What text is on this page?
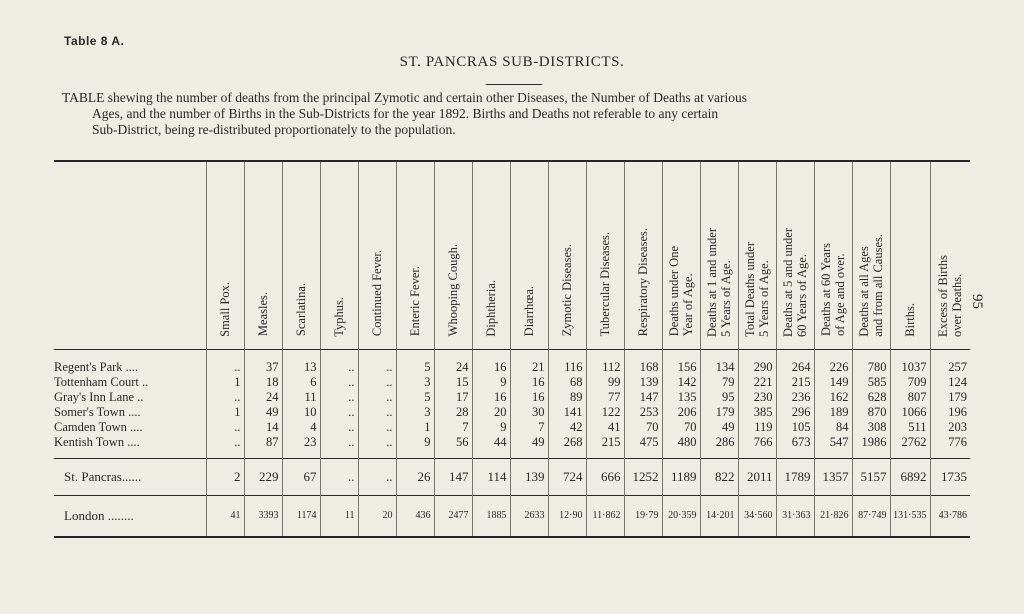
Table 8 A.
ST. PANCRAS SUB-DISTRICTS.

TABLE shewing the number of deaths from the principal Zymotic and certain other Diseases, the Number of Deaths at various

Ages, and the number of Births in the Sub-Districts for the year 1892. Births and Deaths not referable to any certain

Sub-District, being re-distributed proportionately to the population.

95
	Small Pox.	Measles.	Scarlatina.	Typhus.	Continued Fever.	Enteric Fever.	Whooping Cough.	Diphtheria.	Diarrhœa.	Zymotic Diseases.	Tubercular Diseases.	Respiratory Diseases.	Deaths under One
Year of Age.	Deaths at 1 and under
5 Years of Age.	Total Deaths under
5 Years of Age.	Deaths at 5 and under
60 Years of Age.	Deaths at 60 Years
of Age and over.	Deaths at all Ages
and from all Causes.	Births.	Excess of Births
over Deaths.
Regent's Park ....	..	37	13	..	..	5	24	16	21	116	112	168	156	134	290	264	226	780	1037	257
Tottenham Court ..	1	18	6	..	..	3	15	9	16	68	99	139	142	79	221	215	149	585	709	124
Gray's Inn Lane ..	..	24	11	..	..	5	17	16	16	89	77	147	135	95	230	236	162	628	807	179
Somer's Town ....	1	49	10	..	..	3	28	20	30	141	122	253	206	179	385	296	189	870	1066	196
Camden Town ....	..	14	4	..	..	1	7	9	7	42	41	70	70	49	119	105	84	308	511	203
Kentish Town ....	..	87	23	..	..	9	56	44	49	268	215	475	480	286	766	673	547	1986	2762	776

St. Pancras......	2	229	67	..	..	26	147	114	139	724	666	1252	1189	822	2011	1789	1357	5157	6892	1735
London ........	41	3393	1174	11	20	436	2477	1885	2633	12·90	11·862	19·79	20·359	14·201	34·560	31·363	21·826	87·749	131·535	43·786
